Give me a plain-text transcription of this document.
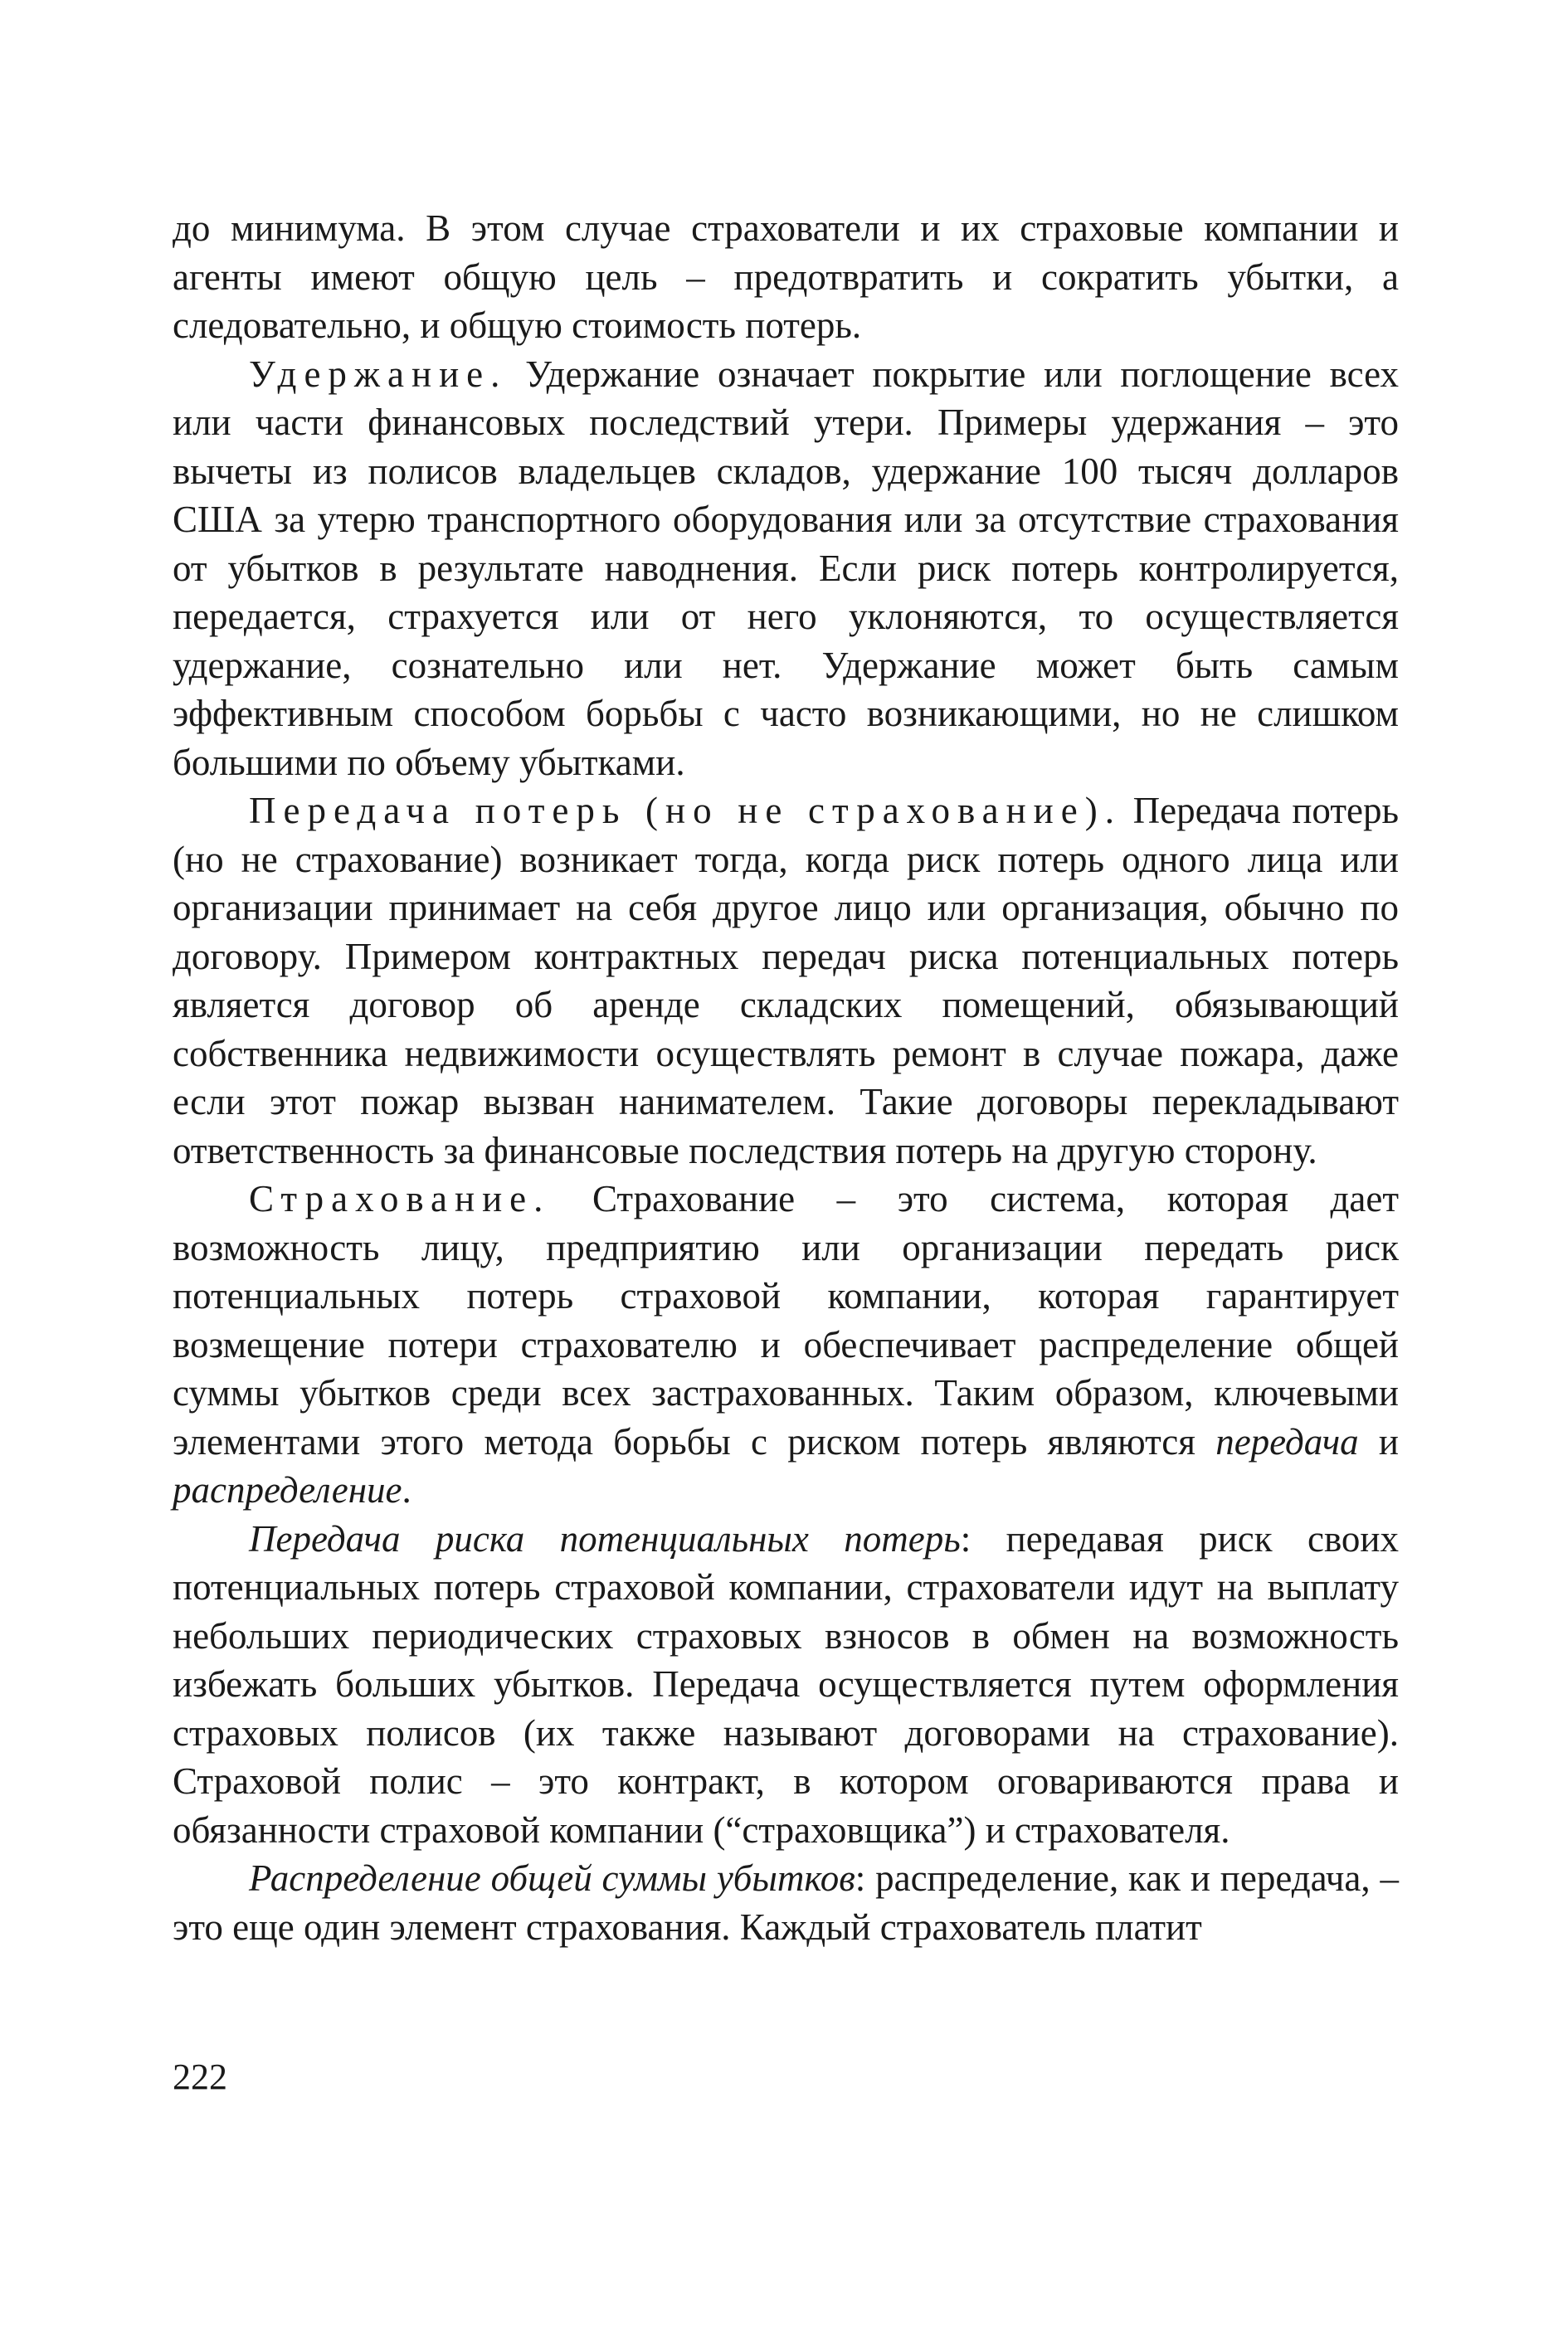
до минимума. В этом случае страхователи и их страховые компании и агенты имеют общую цель – предотвратить и сократить убытки, а следовательно, и общую стоимость потерь.

Удержание. Удержание означает покрытие или поглощение всех или части финансовых последствий утери. Примеры удержания – это вычеты из полисов владельцев складов, удержание 100 тысяч долларов США за утерю транспортного оборудования или за отсутствие страхования от убытков в результате наводнения. Если риск потерь контролируется, передается, страхуется или от него уклоняются, то осуществляется удержание, сознательно или нет. Удержание может быть самым эффективным способом борьбы с часто возникающими, но не слишком большими по объему убытками.

Передача потерь (но не страхование). Передача потерь (но не страхование) возникает тогда, когда риск потерь одного лица или организации принимает на себя другое лицо или организация, обычно по договору. Примером контрактных передач риска потенциальных потерь является договор об аренде складских помещений, обязывающий собственника недвижимости осуществлять ремонт в случае пожара, даже если этот пожар вызван нанимателем. Такие договоры перекладывают ответственность за финансовые последствия потерь на другую сторону.

Страхование. Страхование – это система, которая дает возможность лицу, предприятию или организации передать риск потенциальных потерь страховой компании, которая гарантирует возмещение потери страхователю и обеспечивает распределение общей суммы убытков среди всех застрахованных. Таким образом, ключевыми элементами этого метода борьбы с риском потерь являются передача и распределение.

Передача риска потенциальных потерь: передавая риск своих потенциальных потерь страховой компании, страхователи идут на выплату небольших периодических страховых взносов в обмен на возможность избежать больших убытков. Передача осуществляется путем оформления страховых полисов (их также называют договорами на страхование). Страховой полис – это контракт, в котором оговариваются права и обязанности страховой компании (“страховщика”) и страхователя.

Распределение общей суммы убытков: распределение, как и передача, – это еще один элемент страхования. Каждый страхователь платит

222
